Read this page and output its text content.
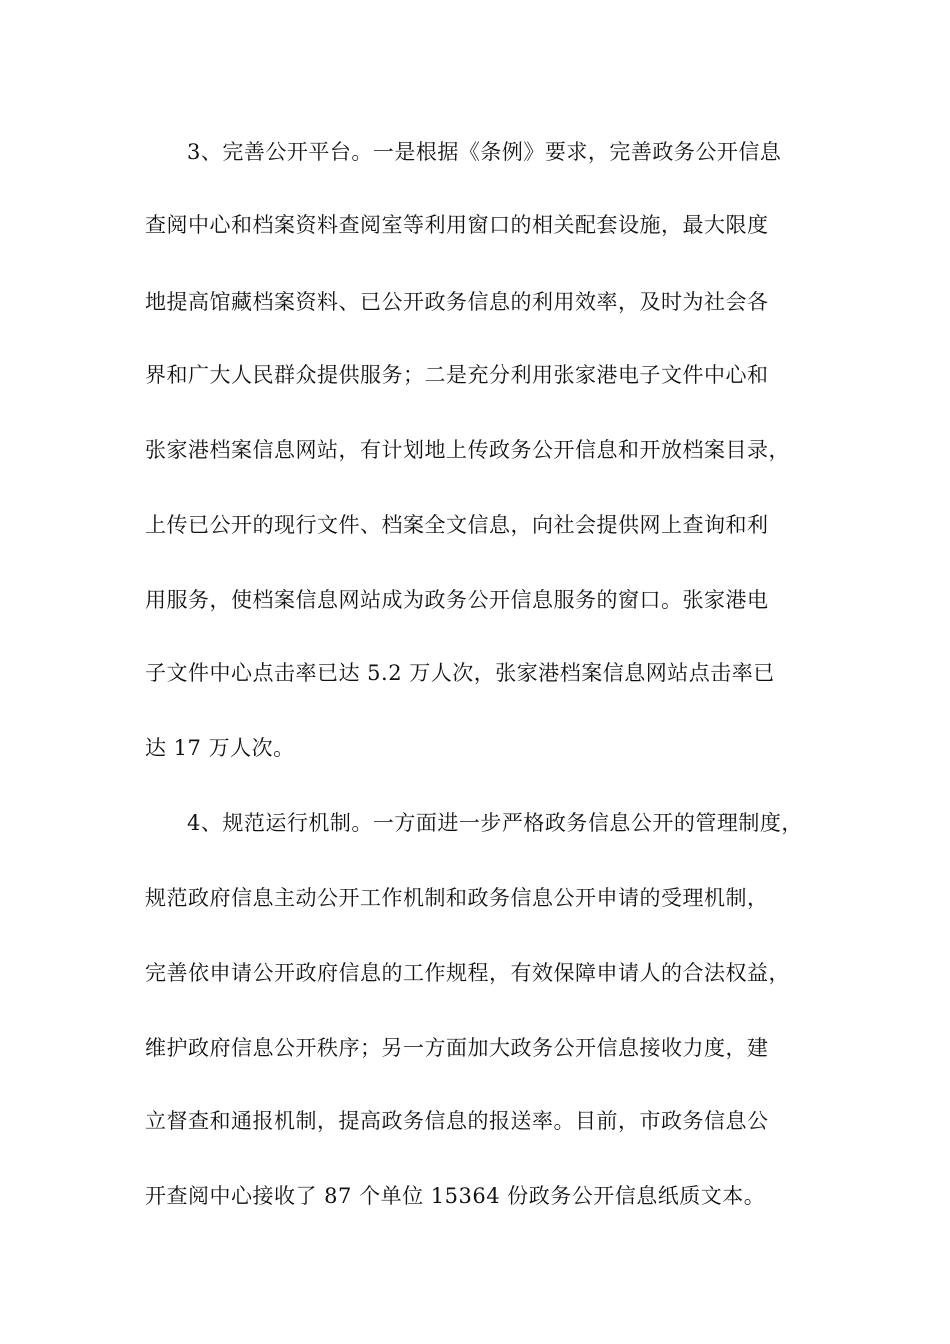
3、完善公开平台。一是根据《条例》要求，完善政务公开信息
查阅中心和档案资料查阅室等利用窗口的相关配套设施，最大限度
地提高馆藏档案资料、已公开政务信息的利用效率，及时为社会各
界和广大人民群众提供服务；二是充分利用张家港电子文件中心和
张家港档案信息网站，有计划地上传政务公开信息和开放档案目录，
上传已公开的现行文件、档案全文信息，向社会提供网上查询和利
用服务，使档案信息网站成为政务公开信息服务的窗口。张家港电
子文件中心点击率已达 5.2 万人次，张家港档案信息网站点击率已
达 17 万人次。
4、规范运行机制。一方面进一步严格政务信息公开的管理制度，
规范政府信息主动公开工作机制和政务信息公开申请的受理机制，
完善依申请公开政府信息的工作规程，有效保障申请人的合法权益，
维护政府信息公开秩序；另一方面加大政务公开信息接收力度，建
立督查和通报机制，提高政务信息的报送率。目前，市政务信息公
开查阅中心接收了 87 个单位 15364 份政务公开信息纸质文本。
